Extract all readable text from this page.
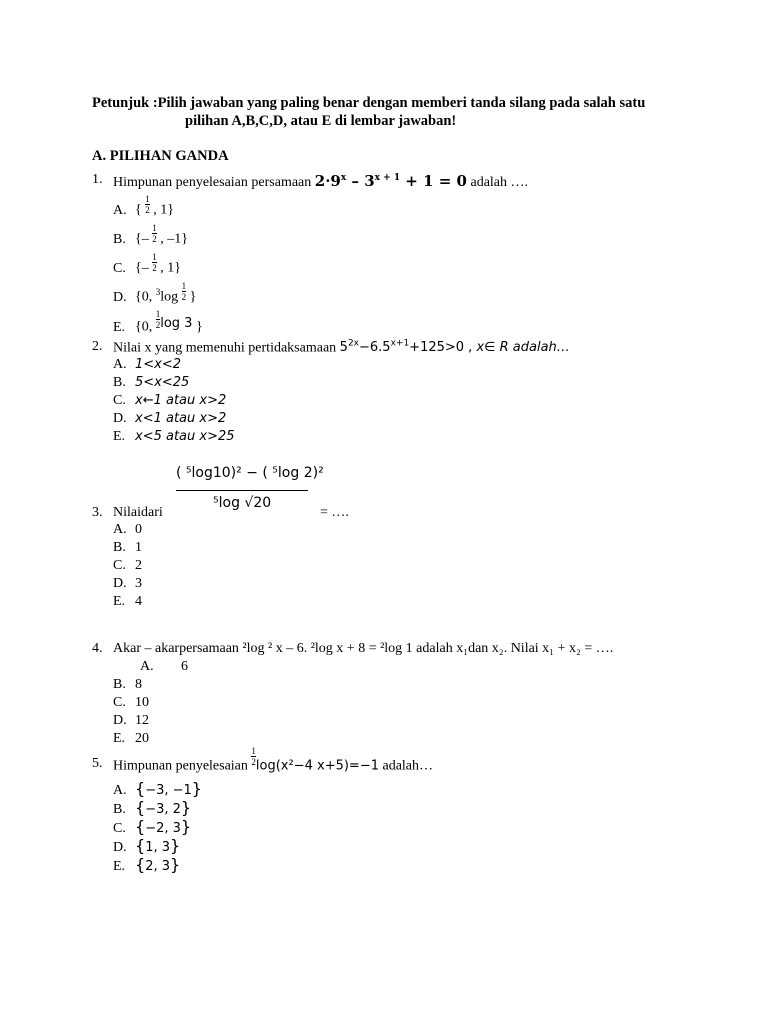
Petunjuk :Pilih jawaban yang paling benar dengan memberi tanda silang pada salah satu
pilihan A,B,C,D, atau E di lembar jawaban!
A. PILIHAN GANDA
1. Himpunan penyelesaian persamaan $2\cdot 9^x - 3^{x + 1} + 1 = 0$ adalah ….
A. { $\frac{1}{2}$ , 1}
B. {– $\frac{1}{2}$ , –1}
C. {– $\frac{1}{2}$ , 1}
D. {0, $^3\log \frac{1}{2}$ }
E. {0, $\frac{1}{2}$ log 3 }
2. Nilai x yang memenuhi pertidaksamaan $5^{2x}-6.5^{x+1}+125>0$ , x∈ R adalah…
A. 1<x<2
B. 5<x<25
C. x←1 atau x>2
D. x<1 atau x>2
E. x<5 atau x>25
( ⁵log10)² − ( ⁵log 2)²
⁵log √20
3. Nilaidari	= ….
A. 0
B. 1
C. 2
D. 3
E. 4
4. Akar – akarpersamaan ²log ² x – 6. ²log x + 8 = ²log 1 adalah x₁dan x₂. Nilai x₁ + x₂ = ….
A. 6
B. 8
C. 10
D. 12
E. 20
5. Himpunan penyelesaian $\frac{1}{2} \log(x^2-4$ x+5)=−1 adalah…
A. {−3, −1}
B. {−3, 2}
C. {−2, 3}
D. {1, 3}
E. {2, 3}
